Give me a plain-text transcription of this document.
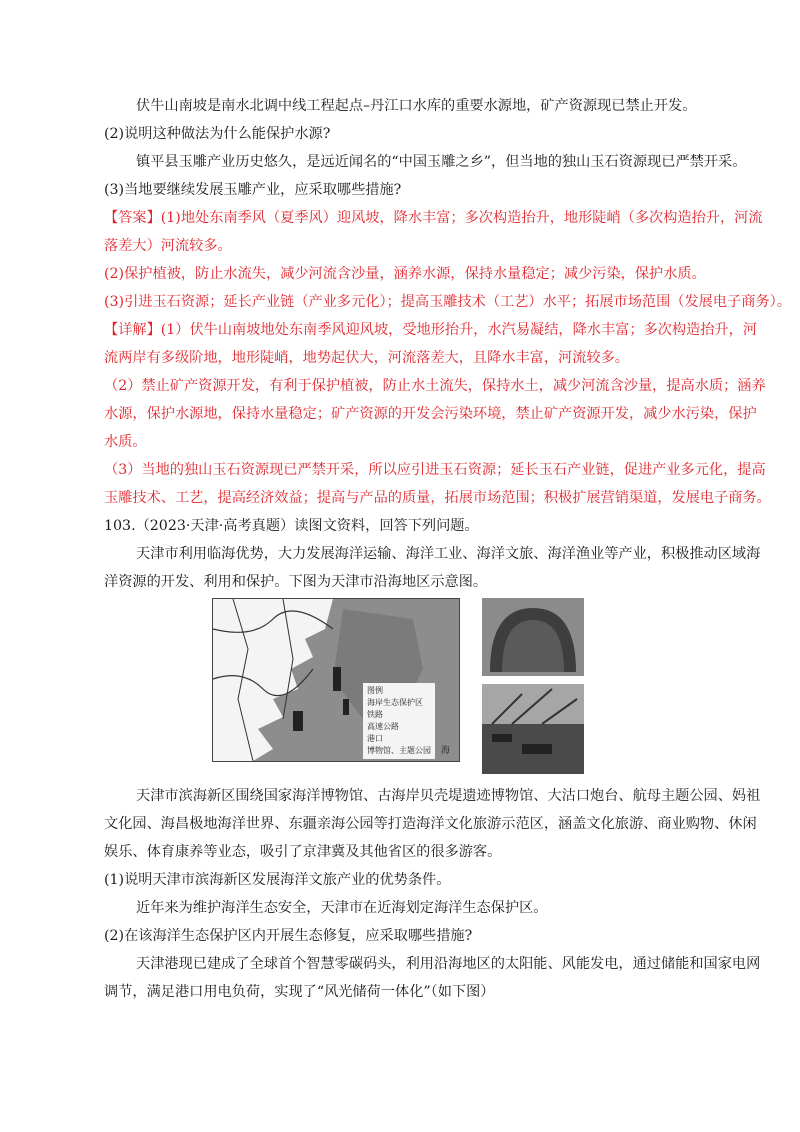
伏牛山南坡是南水北调中线工程起点–丹江口水库的重要水源地，矿产资源现已禁止开发。
(2)说明这种做法为什么能保护水源?
镇平县玉雕产业历史悠久，是远近闻名的“中国玉雕之乡”，但当地的独山玉石资源现已严禁开采。
(3)当地要继续发展玉雕产业，应采取哪些措施?
【答案】(1)地处东南季风（夏季风）迎风坡，降水丰富；多次构造抬升，地形陡峭（多次构造抬升，河流
落差大）河流较多。
(2)保护植被，防止水流失，减少河流含沙量，涵养水源，保持水量稳定；减少污染，保护水质。
(3)引进玉石资源；延长产业链（产业多元化）；提高玉雕技术（工艺）水平；拓展市场范围（发展电子商务）。
【详解】(1）伏牛山南坡地处东南季风迎风坡，受地形抬升，水汽易凝结，降水丰富；多次构造抬升，河
流两岸有多级阶地，地形陡峭，地势起伏大，河流落差大，且降水丰富，河流较多。
（2）禁止矿产资源开发，有利于保护植被，防止水土流失，保持水土，减少河流含沙量，提高水质；涵养
水源，保护水源地，保持水量稳定；矿产资源的开发会污染环境，禁止矿产资源开发，减少水污染，保护
水质。
（3）当地的独山玉石资源现已严禁开采，所以应引进玉石资源；延长玉石产业链，促进产业多元化，提高
玉雕技术、工艺，提高经济效益；提高与产品的质量，拓展市场范围；积极扩展营销渠道，发展电子商务。
103.（2023·天津·高考真题）读图文资料，回答下列问题。
天津市利用临海优势，大力发展海洋运输、海洋工业、海洋文旅、海洋渔业等产业，积极推动区域海
洋资源的开发、利用和保护。下图为天津市沿海地区示意图。
图例
海岸生态保护区
铁路
高速公路
港口
博物馆、主题公园 海
天津市滨海新区围绕国家海洋博物馆、古海岸贝壳堤遗迹博物馆、大沽口炮台、航母主题公园、妈祖
文化园、海昌极地海洋世界、东疆亲海公园等打造海洋文化旅游示范区，涵盖文化旅游、商业购物、休闲
娱乐、体育康养等业态，吸引了京津冀及其他省区的很多游客。
(1)说明天津市滨海新区发展海洋文旅产业的优势条件。
近年来为维护海洋生态安全，天津市在近海划定海洋生态保护区。
(2)在该海洋生态保护区内开展生态修复，应采取哪些措施?
天津港现已建成了全球首个智慧零碳码头，利用沿海地区的太阳能、风能发电，通过储能和国家电网
调节，满足港口用电负荷，实现了“风光储荷一体化”（如下图）
